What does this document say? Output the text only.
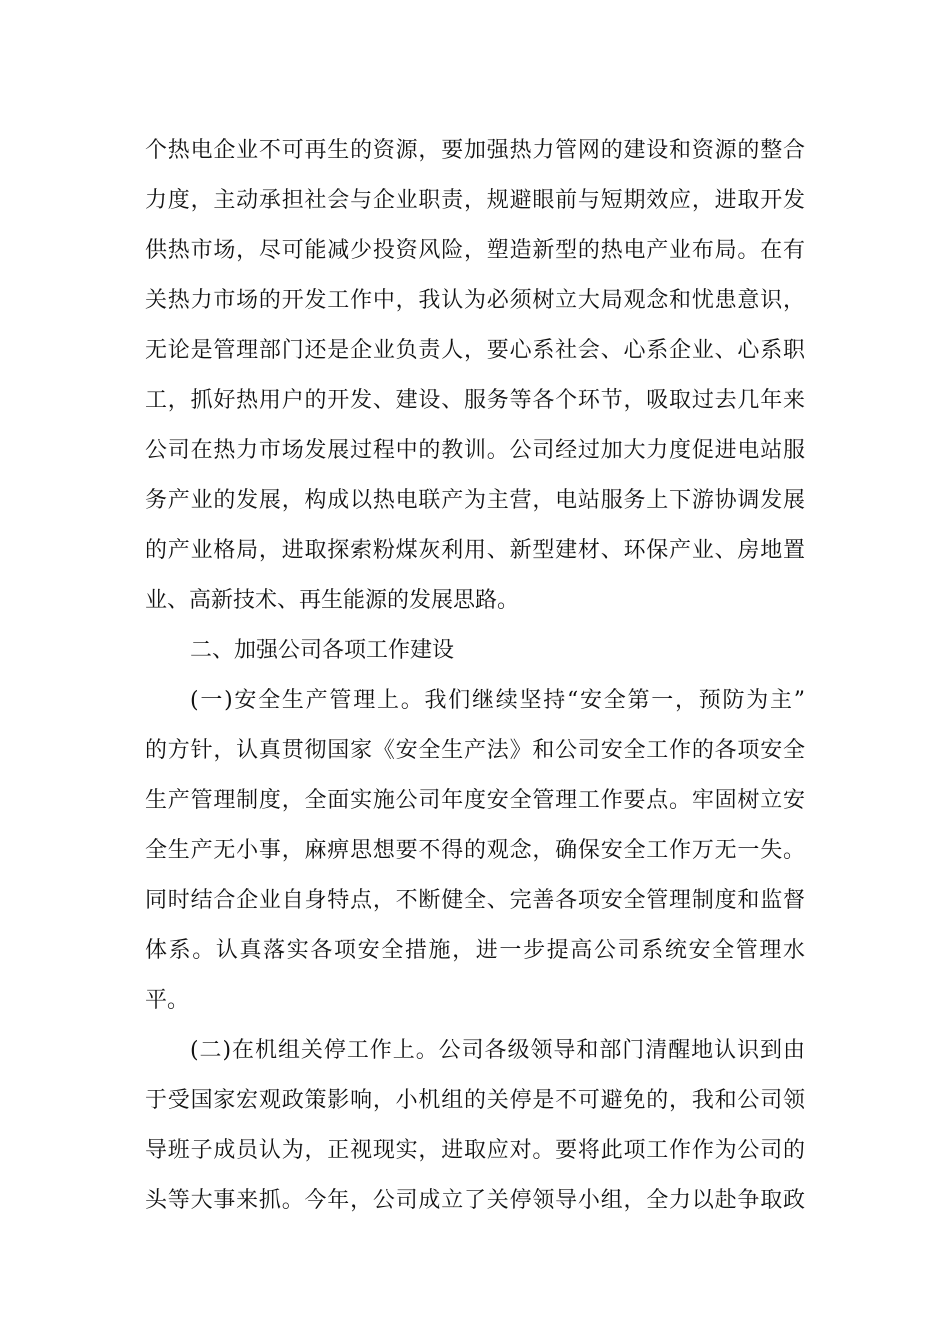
个热电企业不可再生的资源，要加强热力管网的建设和资源的整合
力度，主动承担社会与企业职责，规避眼前与短期效应，进取开发
供热市场，尽可能减少投资风险，塑造新型的热电产业布局。在有
关热力市场的开发工作中，我认为必须树立大局观念和忧患意识，
无论是管理部门还是企业负责人，要心系社会、心系企业、心系职
工，抓好热用户的开发、建设、服务等各个环节，吸取过去几年来
公司在热力市场发展过程中的教训。公司经过加大力度促进电站服
务产业的发展，构成以热电联产为主营，电站服务上下游协调发展
的产业格局，进取探索粉煤灰利用、新型建材、环保产业、房地置
业、高新技术、再生能源的发展思路。
二、加强公司各项工作建设
(一)安全生产管理上。我们继续坚持“安全第一，预防为主”
的方针，认真贯彻国家《安全生产法》和公司安全工作的各项安全
生产管理制度，全面实施公司年度安全管理工作要点。牢固树立安
全生产无小事，麻痹思想要不得的观念，确保安全工作万无一失。
同时结合企业自身特点，不断健全、完善各项安全管理制度和监督
体系。认真落实各项安全措施，进一步提高公司系统安全管理水
平。
(二)在机组关停工作上。公司各级领导和部门清醒地认识到由
于受国家宏观政策影响，小机组的关停是不可避免的，我和公司领
导班子成员认为，正视现实，进取应对。要将此项工作作为公司的
头等大事来抓。今年，公司成立了关停领导小组，全力以赴争取政
